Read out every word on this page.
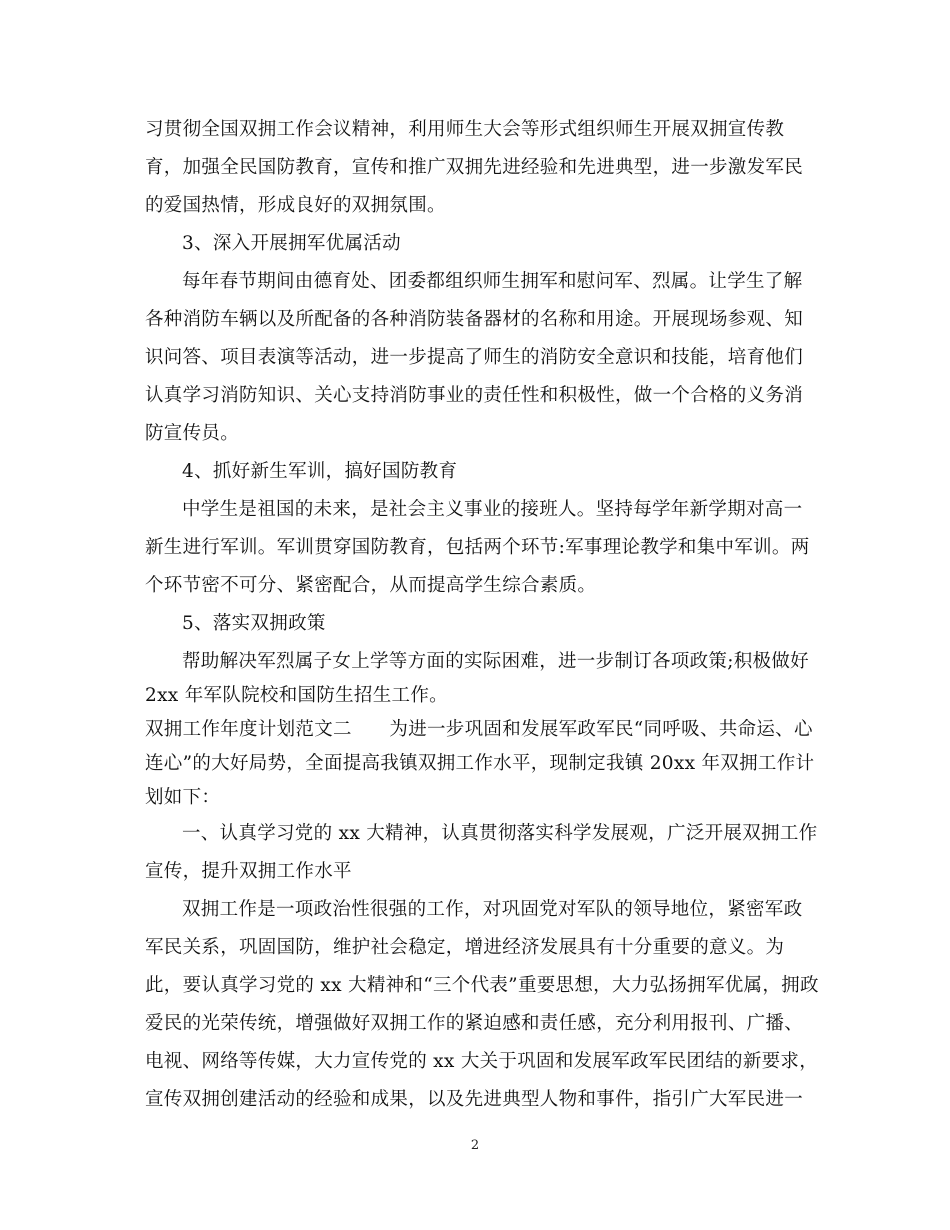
习贯彻全国双拥工作会议精神，利用师生大会等形式组织师生开展双拥宣传教
育，加强全民国防教育，宣传和推广双拥先进经验和先进典型，进一步激发军民
的爱国热情，形成良好的双拥氛围。
3、深入开展拥军优属活动
每年春节期间由德育处、团委都组织师生拥军和慰问军、烈属。让学生了解
各种消防车辆以及所配备的各种消防装备器材的名称和用途。开展现场参观、知
识问答、项目表演等活动，进一步提高了师生的消防安全意识和技能，培育他们
认真学习消防知识、关心支持消防事业的责任性和积极性，做一个合格的义务消
防宣传员。
4、抓好新生军训，搞好国防教育
中学生是祖国的未来，是社会主义事业的接班人。坚持每学年新学期对高一
新生进行军训。军训贯穿国防教育，包括两个环节:军事理论教学和集中军训。两
个环节密不可分、紧密配合，从而提高学生综合素质。
5、落实双拥政策
帮助解决军烈属子女上学等方面的实际困难，进一步制订各项政策;积极做好
2xx 年军队院校和国防生招生工作。
双拥工作年度计划范文二　　为进一步巩固和发展军政军民“同呼吸、共命运、心
连心”的大好局势，全面提高我镇双拥工作水平，现制定我镇 20xx 年双拥工作计
划如下：
一、认真学习党的 xx 大精神，认真贯彻落实科学发展观，广泛开展双拥工作
宣传，提升双拥工作水平
双拥工作是一项政治性很强的工作，对巩固党对军队的领导地位，紧密军政
军民关系，巩固国防，维护社会稳定，增进经济发展具有十分重要的意义。为
此，要认真学习党的 xx 大精神和“三个代表”重要思想，大力弘扬拥军优属，拥政
爱民的光荣传统，增强做好双拥工作的紧迫感和责任感，充分利用报刊、广播、
电视、网络等传媒，大力宣传党的 xx 大关于巩固和发展军政军民团结的新要求，
宣传双拥创建活动的经验和成果，以及先进典型人物和事件，指引广大军民进一
2
